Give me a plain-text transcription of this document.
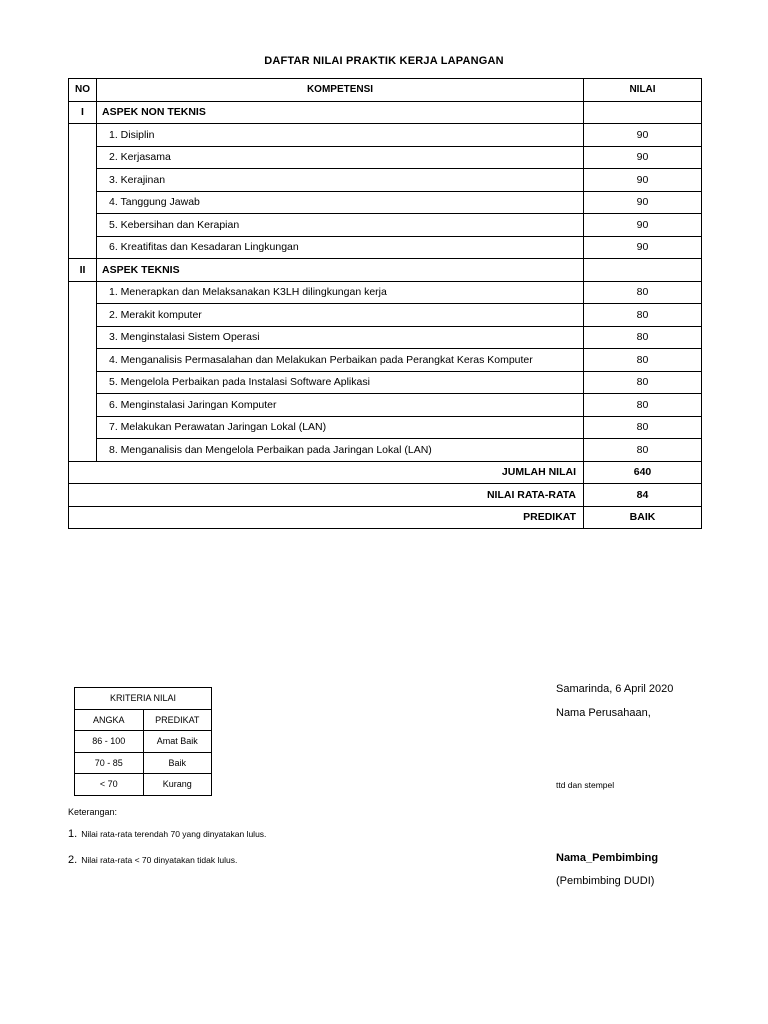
DAFTAR NILAI PRAKTIK KERJA LAPANGAN
NO	KOMPETENSI	NILAI
I	ASPEK NON TEKNIS	
	1. Disiplin	90
	2. Kerjasama	90
	3. Kerajinan	90
	4. Tanggung Jawab	90
	5. Kebersihan dan Kerapian	90
	6. Kreatifitas dan Kesadaran Lingkungan	90
II	ASPEK TEKNIS	
	1. Menerapkan dan Melaksanakan K3LH dilingkungan kerja	80
	2. Merakit komputer	80
	3. Menginstalasi Sistem Operasi	80
	4. Menganalisis Permasalahan dan Melakukan Perbaikan pada Perangkat Keras Komputer	80
	5. Mengelola Perbaikan pada Instalasi Software Aplikasi	80
	6. Menginstalasi Jaringan Komputer	80
	7. Melakukan Perawatan Jaringan Lokal (LAN)	80
	8. Menganalisis dan Mengelola Perbaikan pada Jaringan Lokal (LAN)	80
JUMLAH NILAI		640
NILAI RATA-RATA		84
PREDIKAT		BAIK
KRITERIA NILAI	
ANGKA	PREDIKAT
86 - 100	Amat Baik
70 - 85	Baik
< 70	Kurang
Keterangan:
1. Nilai rata-rata terendah 70 yang dinyatakan lulus.
2. Nilai rata-rata < 70 dinyatakan tidak lulus.
Samarinda, 6 April 2020
Nama Perusahaan,
ttd dan stempel
Nama_Pembimbing
(Pembimbing DUDI)
